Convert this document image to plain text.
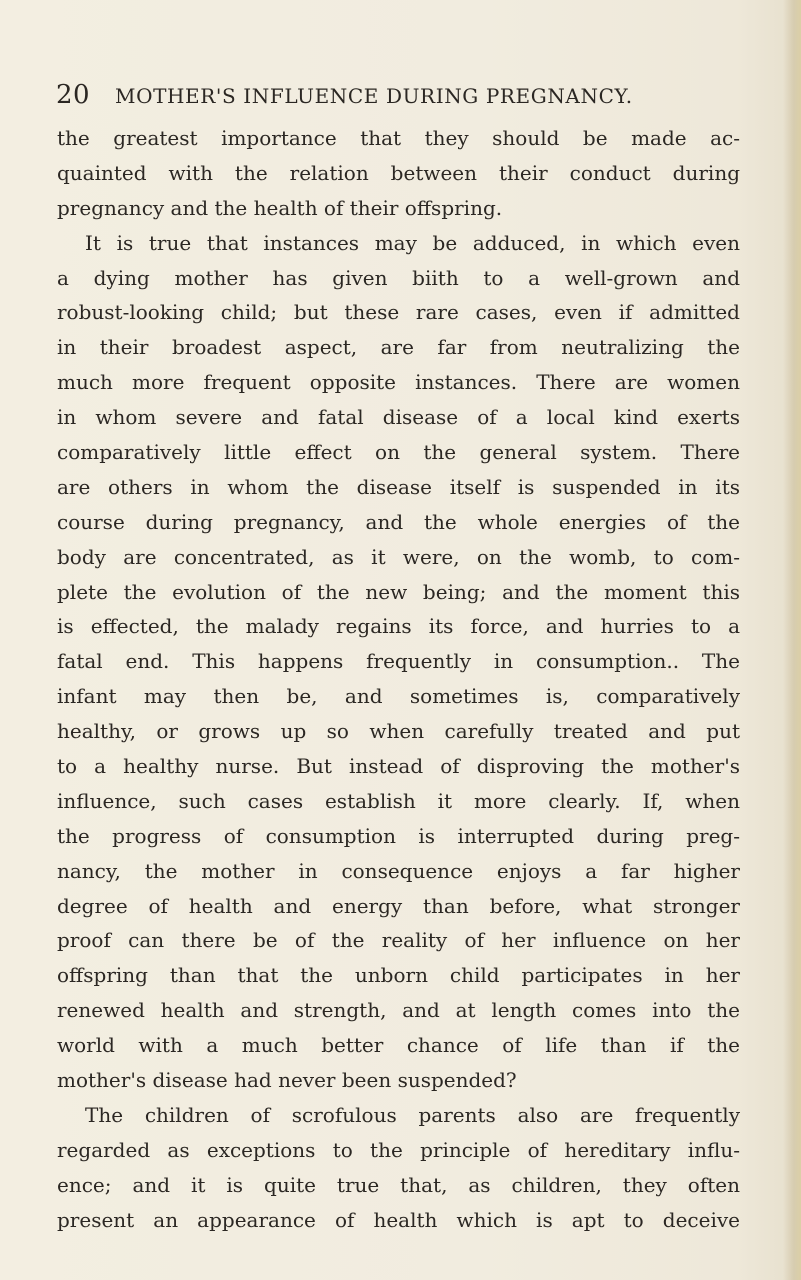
20 MOTHER'S INFLUENCE DURING PREGNANCY.
the greatest importance that they should be made ac-
quainted with the relation between their conduct during
pregnancy and the health of their offspring.
It is true that instances may be adduced, in which even
a dying mother has given biith to a well-grown and
robust-looking child; but these rare cases, even if admitted
in their broadest aspect, are far from neutralizing the
much more frequent opposite instances. There are women
in whom severe and fatal disease of a local kind exerts
comparatively little effect on the general system. There
are others in whom the disease itself is suspended in its
course during pregnancy, and the whole energies of the
body are concentrated, as it were, on the womb, to com-
plete the evolution of the new being; and the moment this
is effected, the malady regains its force, and hurries to a
fatal end. This happens frequently in consumption.. The
infant may then be, and sometimes is, comparatively
healthy, or grows up so when carefully treated and put
to a healthy nurse. But instead of disproving the mother's
influence, such cases establish it more clearly. If, when
the progress of consumption is interrupted during preg-
nancy, the mother in consequence enjoys a far higher
degree of health and energy than before, what stronger
proof can there be of the reality of her influence on her
offspring than that the unborn child participates in her
renewed health and strength, and at length comes into the
world with a much better chance of life than if the
mother's disease had never been suspended?
The children of scrofulous parents also are frequently
regarded as exceptions to the principle of hereditary influ-
ence; and it is quite true that, as children, they often
present an appearance of health which is apt to deceive
